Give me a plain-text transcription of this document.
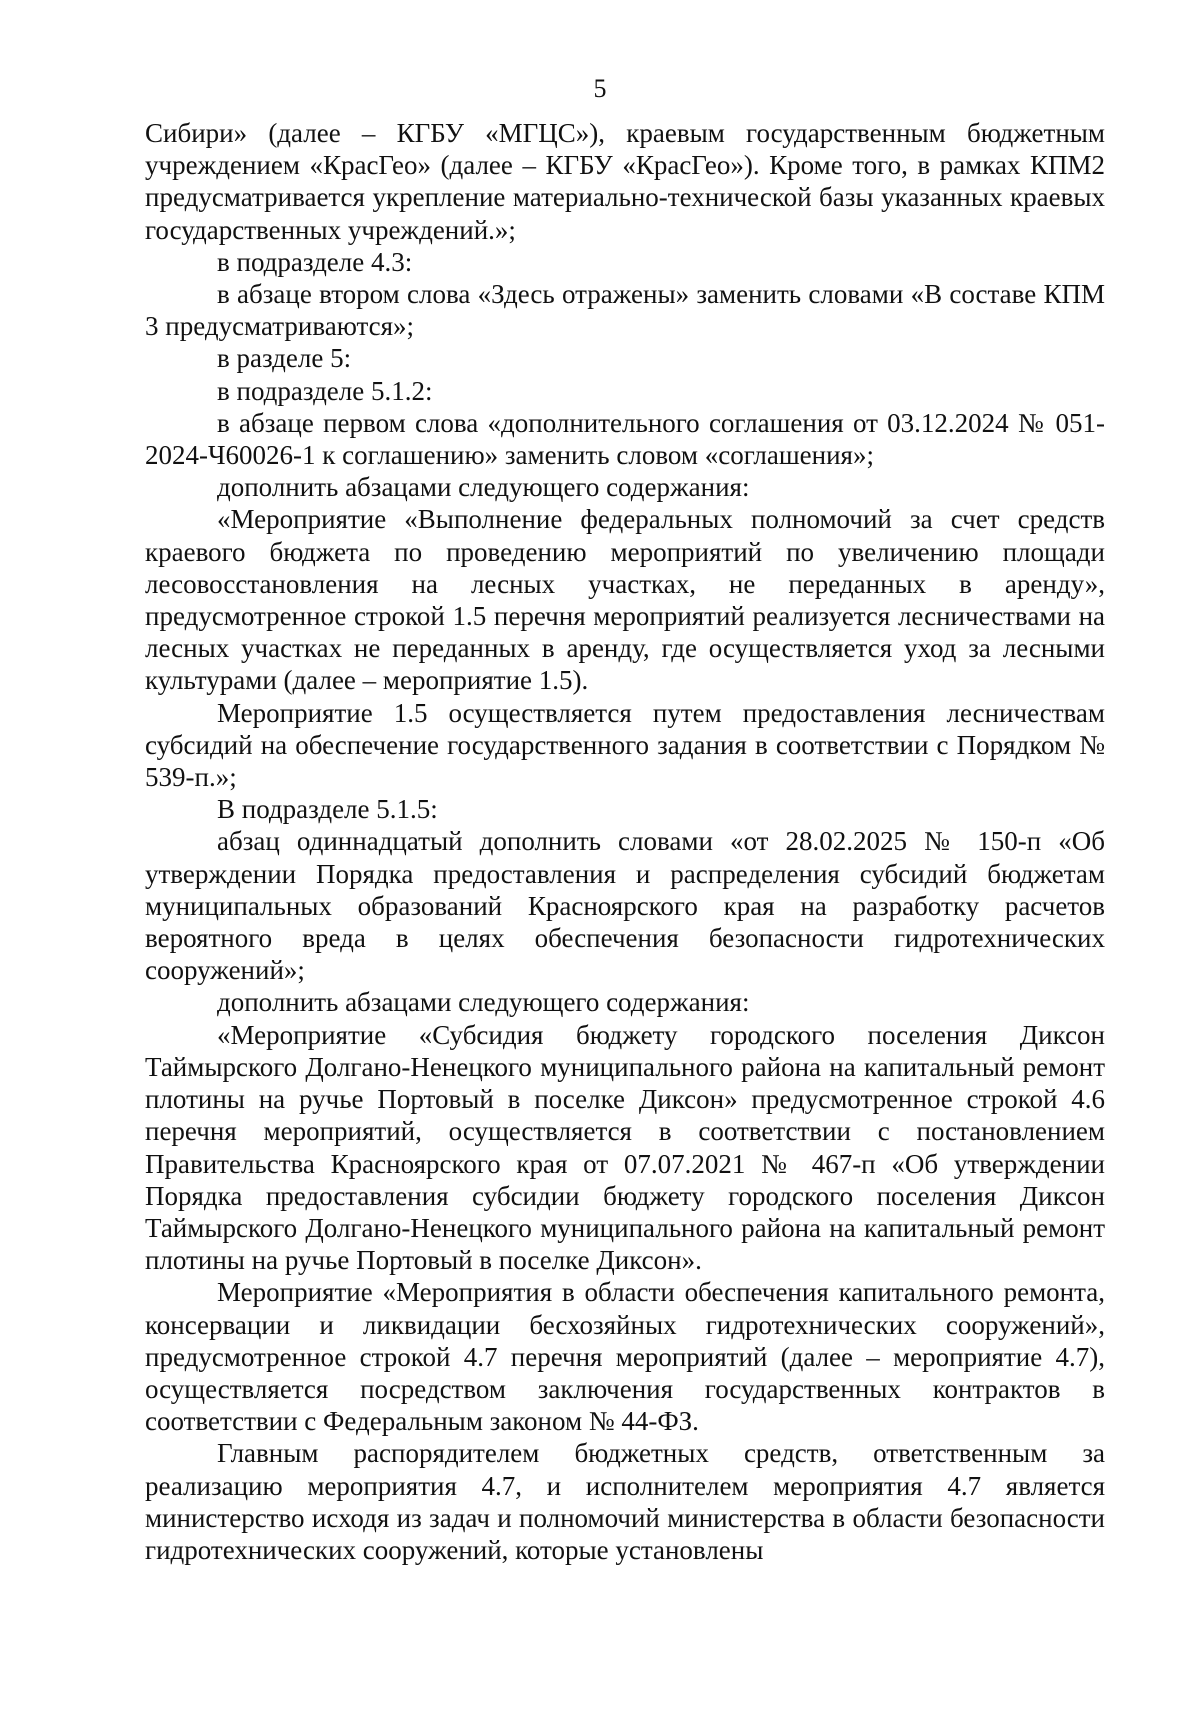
5

Сибири» (далее – КГБУ «МГЦС»), краевым государственным бюджетным учреждением «КрасГео» (далее – КГБУ «КрасГео»). Кроме того, в рамках КПМ2 предусматривается укрепление материально-технической базы указанных краевых государственных учреждений.»;

в подразделе 4.3:

в абзаце втором слова «Здесь отражены» заменить словами «В составе КПМ 3 предусматриваются»;

в разделе 5:

в подразделе 5.1.2:

в абзаце первом слова «дополнительного соглашения от 03.12.2024 № 051-2024-Ч60026-1 к соглашению» заменить словом «соглашения»;

дополнить абзацами следующего содержания:

«Мероприятие «Выполнение федеральных полномочий за счет средств краевого бюджета по проведению мероприятий по увеличению площади лесовосстановления на лесных участках, не переданных в аренду», предусмотренное строкой 1.5 перечня мероприятий реализуется лесничествами на лесных участках не переданных в аренду, где осуществляется уход за лесными культурами (далее – мероприятие 1.5).

Мероприятие 1.5 осуществляется путем предоставления лесничествам субсидий на обеспечение государственного задания в соответствии с Порядком № 539-п.»;

В подразделе 5.1.5:

абзац одиннадцатый дополнить словами «от 28.02.2025 № 150-п «Об утверждении Порядка предоставления и распределения субсидий бюджетам муниципальных образований Красноярского края на разработку расчетов вероятного вреда в целях обеспечения безопасности гидротехнических сооружений»;

дополнить абзацами следующего содержания:

«Мероприятие «Субсидия бюджету городского поселения Диксон Таймырского Долгано-Ненецкого муниципального района на капитальный ремонт плотины на ручье Портовый в поселке Диксон» предусмотренное строкой 4.6 перечня мероприятий, осуществляется в соответствии с постановлением Правительства Красноярского края от 07.07.2021 № 467-п «Об утверждении Порядка предоставления субсидии бюджету городского поселения Диксон Таймырского Долгано-Ненецкого муниципального района на капитальный ремонт плотины на ручье Портовый в поселке Диксон».

Мероприятие «Мероприятия в области обеспечения капитального ремонта, консервации и ликвидации бесхозяйных гидротехнических сооружений», предусмотренное строкой 4.7 перечня мероприятий (далее – мероприятие 4.7), осуществляется посредством заключения государственных контрактов в соответствии с Федеральным законом № 44-ФЗ.

Главным распорядителем бюджетных средств, ответственным за реализацию мероприятия 4.7, и исполнителем мероприятия 4.7 является министерство исходя из задач и полномочий министерства в области безопасности гидротехнических сооружений, которые установлены
